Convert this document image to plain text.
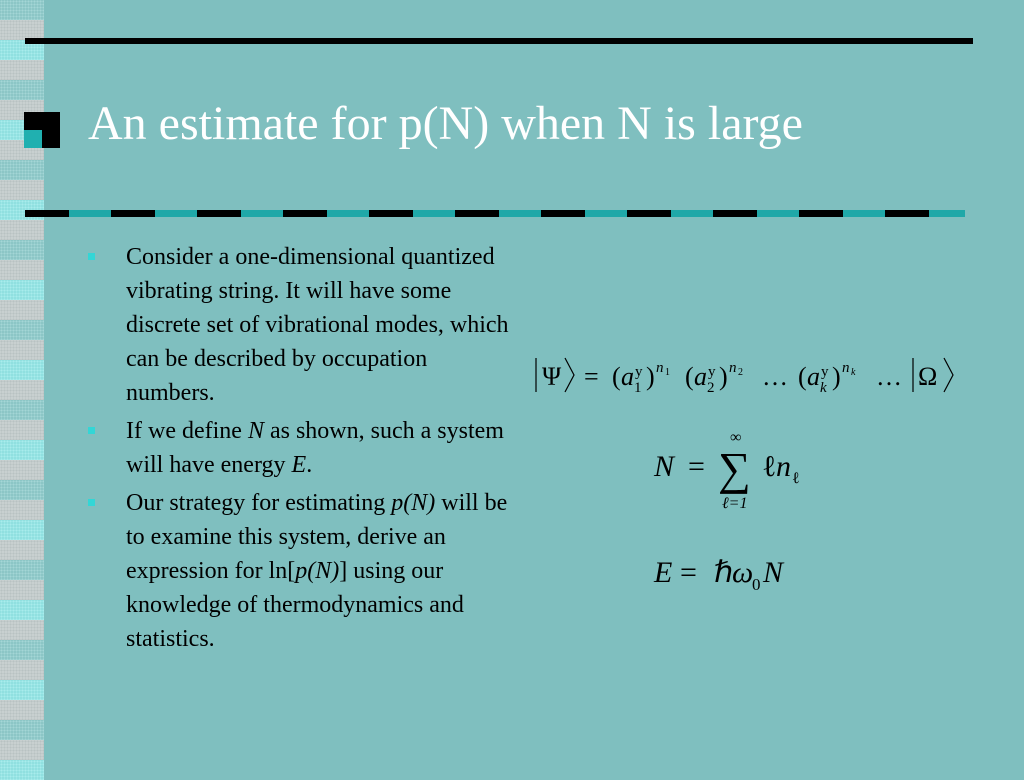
An estimate for p(N) when N is large
Consider a one-dimensional quantized vibrating string. It will have some discrete set of vibrational modes, which can be described by occupation numbers.
If we define N as shown, such a system will have energy E.
Our strategy for estimating p(N) will be to examine this system, derive an expression for ln[p(N)] using our knowledge of thermodynamics and statistics.
Ψ = ( a y
1 ) n 1 ( a y
2 ) n 2 … ( a y
k ) n k … Ω
N =
∞
∑
ℓ=1
ℓ n ℓ
E = ℏ
ω
0 N
